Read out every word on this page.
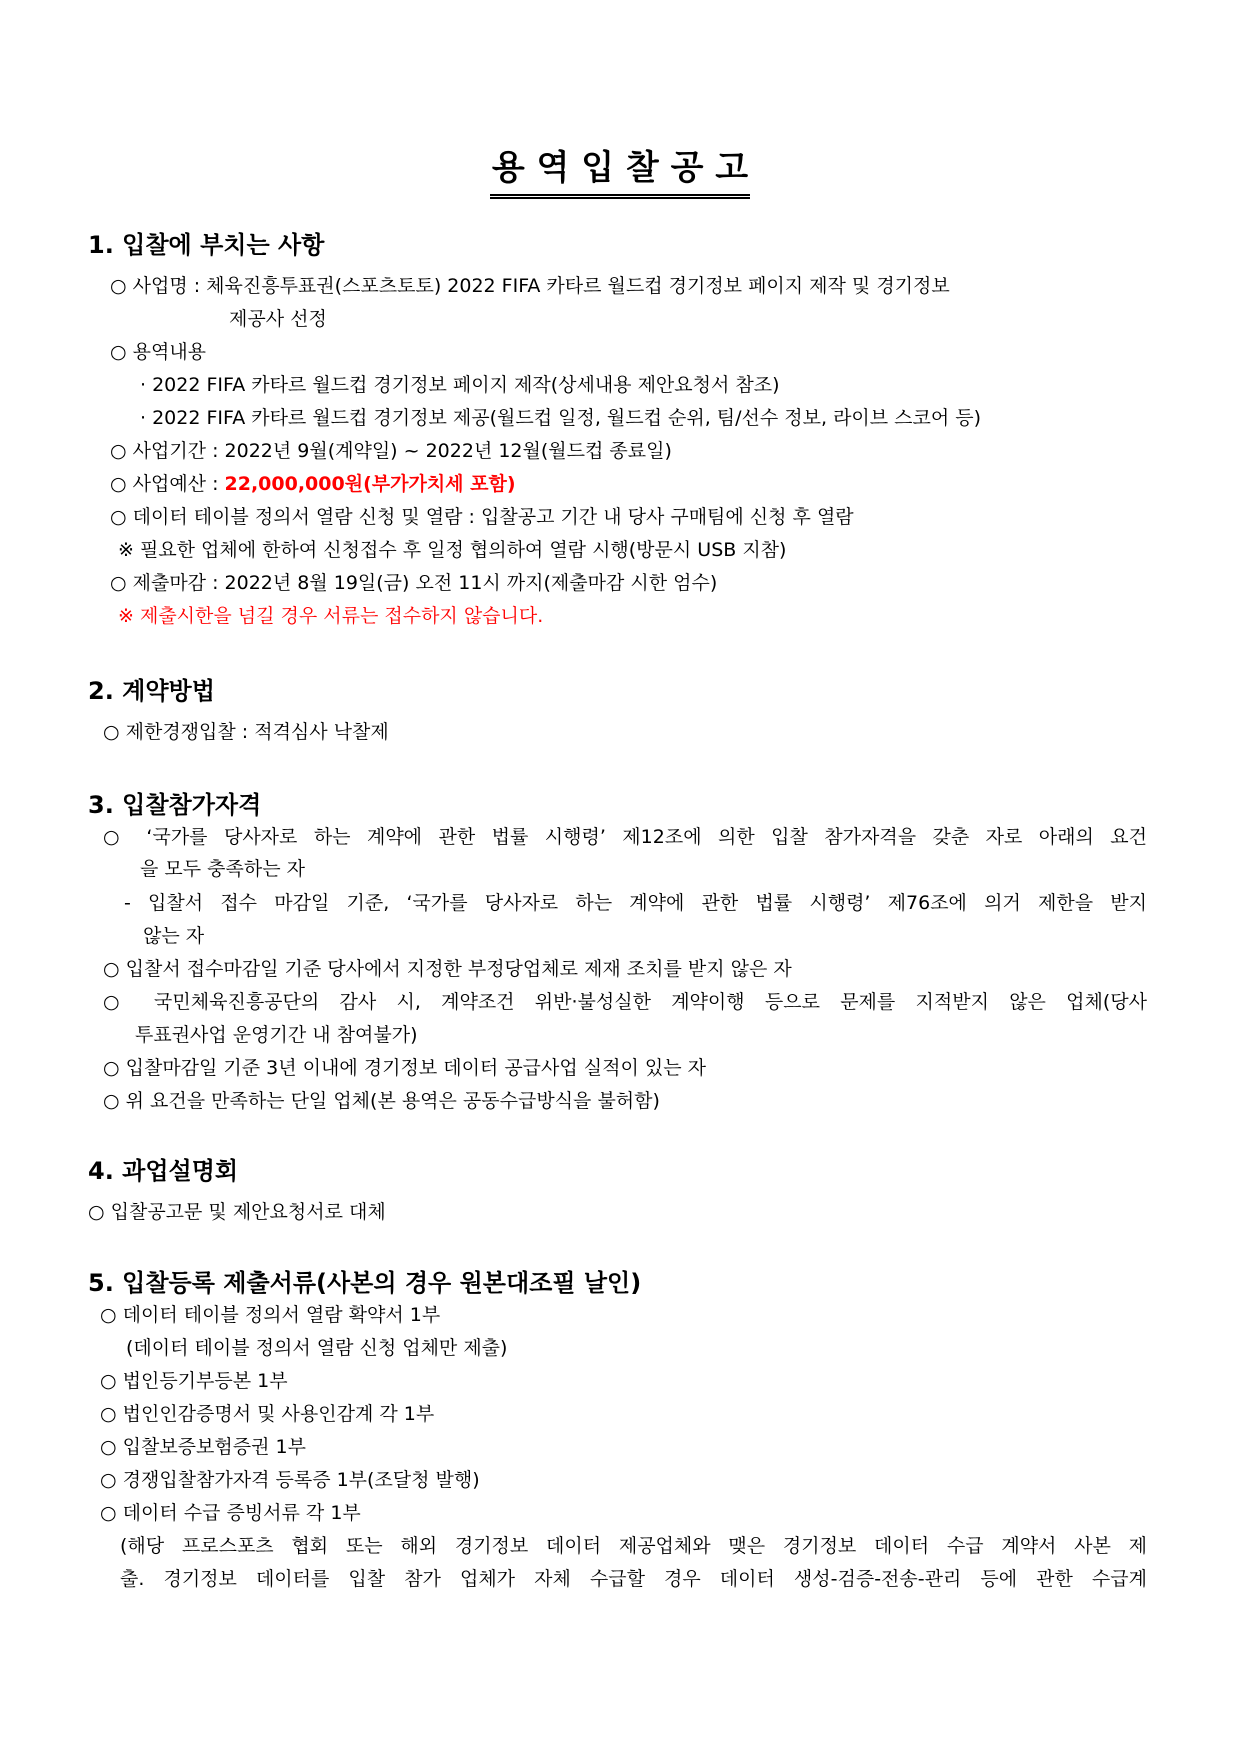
용 역 입 찰 공 고
1. 입찰에 부치는 사항
○ 사업명 : 체육진흥투표권(스포츠토토) 2022 FIFA 카타르 월드컵 경기정보 페이지 제작 및 경기정보
제공사 선정
○ 용역내용
· 2022 FIFA 카타르 월드컵 경기정보 페이지 제작(상세내용 제안요청서 참조)
· 2022 FIFA 카타르 월드컵 경기정보 제공(월드컵 일정, 월드컵 순위, 팀/선수 정보, 라이브 스코어 등)
○ 사업기간 : 2022년 9월(계약일) ~ 2022년 12월(월드컵 종료일)
○ 사업예산 : 22,000,000원(부가가치세 포함)
○ 데이터 테이블 정의서 열람 신청 및 열람 : 입찰공고 기간 내 당사 구매팀에 신청 후 열람
※ 필요한 업체에 한하여 신청접수 후 일정 협의하여 열람 시행(방문시 USB 지참)
○ 제출마감 : 2022년 8월 19일(금) 오전 11시 까지(제출마감 시한 엄수)
※ 제출시한을 넘길 경우 서류는 접수하지 않습니다.
2. 계약방법
○ 제한경쟁입찰 : 적격심사 낙찰제
3. 입찰참가자격
○ ‘국가를 당사자로 하는 계약에 관한 법률 시행령’ 제12조에 의한 입찰 참가자격을 갖춘 자로 아래의 요건
을 모두 충족하는 자
- 입찰서 접수 마감일 기준, ‘국가를 당사자로 하는 계약에 관한 법률 시행령’ 제76조에 의거 제한을 받지
않는 자
○ 입찰서 접수마감일 기준 당사에서 지정한 부정당업체로 제재 조치를 받지 않은 자
○ 국민체육진흥공단의 감사 시, 계약조건 위반·불성실한 계약이행 등으로 문제를 지적받지 않은 업체(당사
투표권사업 운영기간 내 참여불가)
○ 입찰마감일 기준 3년 이내에 경기정보 데이터 공급사업 실적이 있는 자
○ 위 요건을 만족하는 단일 업체(본 용역은 공동수급방식을 불허함)
4. 과업설명회
○ 입찰공고문 및 제안요청서로 대체
5. 입찰등록 제출서류(사본의 경우 원본대조필 날인)
○ 데이터 테이블 정의서 열람 확약서 1부
(데이터 테이블 정의서 열람 신청 업체만 제출)
○ 법인등기부등본 1부
○ 법인인감증명서 및 사용인감계 각 1부
○ 입찰보증보험증권 1부
○ 경쟁입찰참가자격 등록증 1부(조달청 발행)
○ 데이터 수급 증빙서류 각 1부
(해당 프로스포츠 협회 또는 해외 경기정보 데이터 제공업체와 맺은 경기정보 데이터 수급 계약서 사본 제
출. 경기정보 데이터를 입찰 참가 업체가 자체 수급할 경우 데이터 생성-검증-전송-관리 등에 관한 수급계
